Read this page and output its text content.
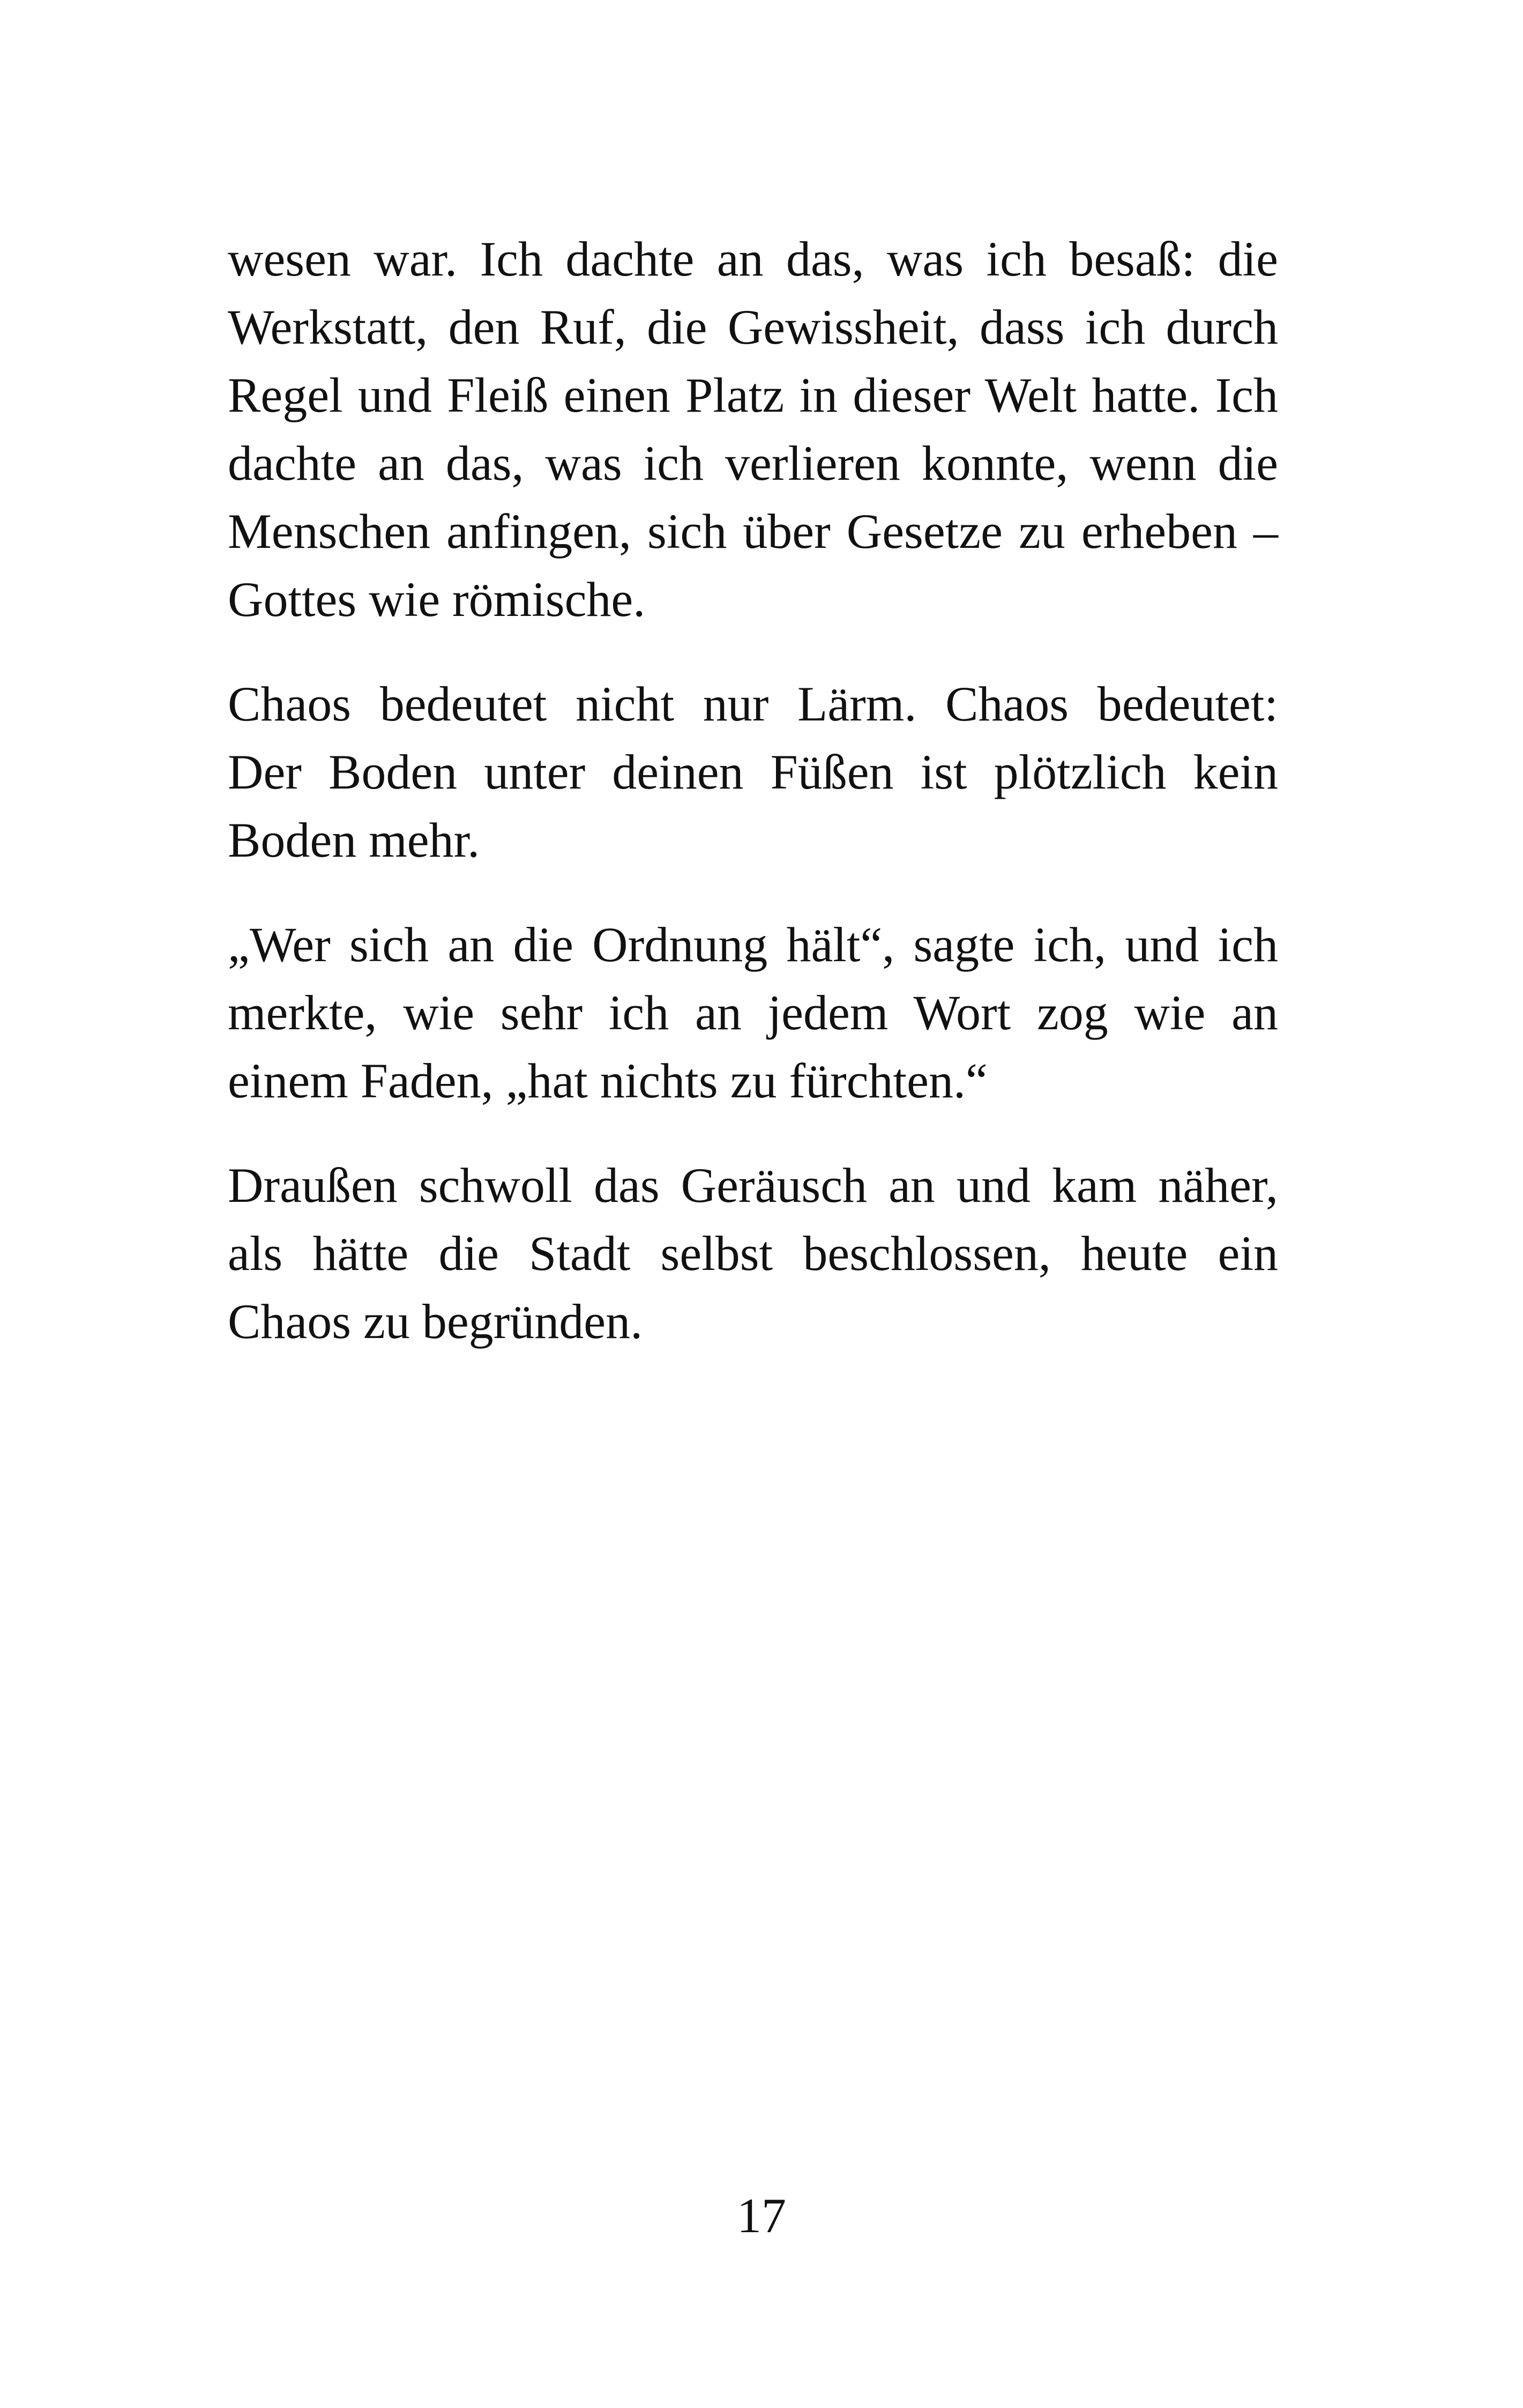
wesen war. Ich dachte an das, was ich besaß: die
Werkstatt, den Ruf, die Gewissheit, dass ich durch
Regel und Fleiß einen Platz in dieser Welt hatte. Ich
dachte an das, was ich verlieren konnte, wenn die
Menschen anfingen, sich über Gesetze zu erheben –
Gottes wie römische.
Chaos bedeutet nicht nur Lärm. Chaos bedeutet:
Der Boden unter deinen Füßen ist plötzlich kein
Boden mehr.
„Wer sich an die Ordnung hält“, sagte ich, und ich
merkte, wie sehr ich an jedem Wort zog wie an
einem Faden, „hat nichts zu fürchten.“
Draußen schwoll das Geräusch an und kam näher,
als hätte die Stadt selbst beschlossen, heute ein
Chaos zu begründen.
17
